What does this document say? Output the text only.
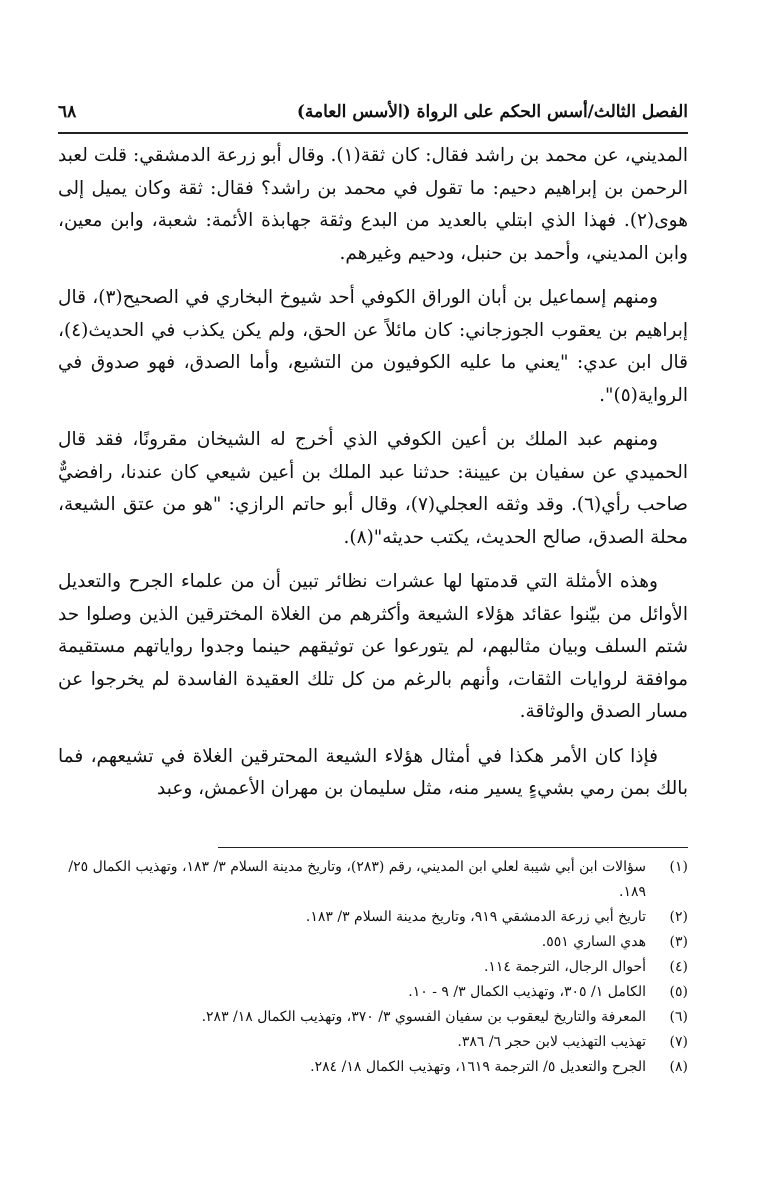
الفصل الثالث/أسس الحكم على الرواة (الأسس العامة)
٦٨

المديني، عن محمد بن راشد فقال: كان ثقة(١). وقال أبو زرعة الدمشقي: قلت لعبد الرحمن بن إبراهيم دحيم: ما تقول في محمد بن راشد؟ فقال: ثقة وكان يميل إلى هوى(٢). فهذا الذي ابتلي بالعديد من البدع وثقة جهابذة الأئمة: شعبة، وابن معين، وابن المديني، وأحمد بن حنبل، ودحيم وغيرهم.

ومنهم إسماعيل بن أبان الوراق الكوفي أحد شيوخ البخاري في الصحيح(٣)، قال إبراهيم بن يعقوب الجوزجاني: كان مائلاً عن الحق، ولم يكن يكذب في الحديث(٤)، قال ابن عدي: "يعني ما عليه الكوفيون من التشيع، وأما الصدق، فهو صدوق في الرواية(٥)".

ومنهم عبد الملك بن أعين الكوفي الذي أخرج له الشيخان مقرونًا، فقد قال الحميدي عن سفيان بن عيينة: حدثنا عبد الملك بن أعين شيعي كان عندنا، رافضيٌّ صاحب رأي(٦). وقد وثقه العجلي(٧)، وقال أبو حاتم الرازي: "هو من عتق الشيعة، محلة الصدق، صالح الحديث، يكتب حديثه"(٨).

وهذه الأمثلة التي قدمتها لها عشرات نظائر تبين أن من علماء الجرح والتعديل الأوائل من بيّنوا عقائد هؤلاء الشيعة وأكثرهم من الغلاة المخترقين الذين وصلوا حد شتم السلف وبيان مثالبهم، لم يتورعوا عن توثيقهم حينما وجدوا رواياتهم مستقيمة موافقة لروايات الثقات، وأنهم بالرغم من كل تلك العقيدة الفاسدة لم يخرجوا عن مسار الصدق والوثاقة.

فإذا كان الأمر هكذا في أمثال هؤلاء الشيعة المحترقين الغلاة في تشيعهم، فما بالك بمن رمي بشيءٍ يسير منه، مثل سليمان بن مهران الأعمش، وعبد

(١)
سؤالات ابن أبي شيبة لعلي ابن المديني، رقم (٢٨٣)، وتاريخ مدينة السلام ٣/ ١٨٣، وتهذيب الكمال ٢٥/ ١٨٩.
(٢)
تاريخ أبي زرعة الدمشقي ٩١٩، وتاريخ مدينة السلام ٣/ ١٨٣.
(٣)
هدي الساري ٥٥١.
(٤)
أحوال الرجال، الترجمة ١١٤.
(٥)
الكامل ١/ ٣٠٥، وتهذيب الكمال ٣/ ٩ - ١٠.
(٦)
المعرفة والتاريخ ليعقوب بن سفيان الفسوي ٣/ ٣٧٠، وتهذيب الكمال ١٨/ ٢٨٣.
(٧)
تهذيب التهذيب لابن حجر ٦/ ٣٨٦.
(٨)
الجرح والتعديل ٥/ الترجمة ١٦١٩، وتهذيب الكمال ١٨/ ٢٨٤.
